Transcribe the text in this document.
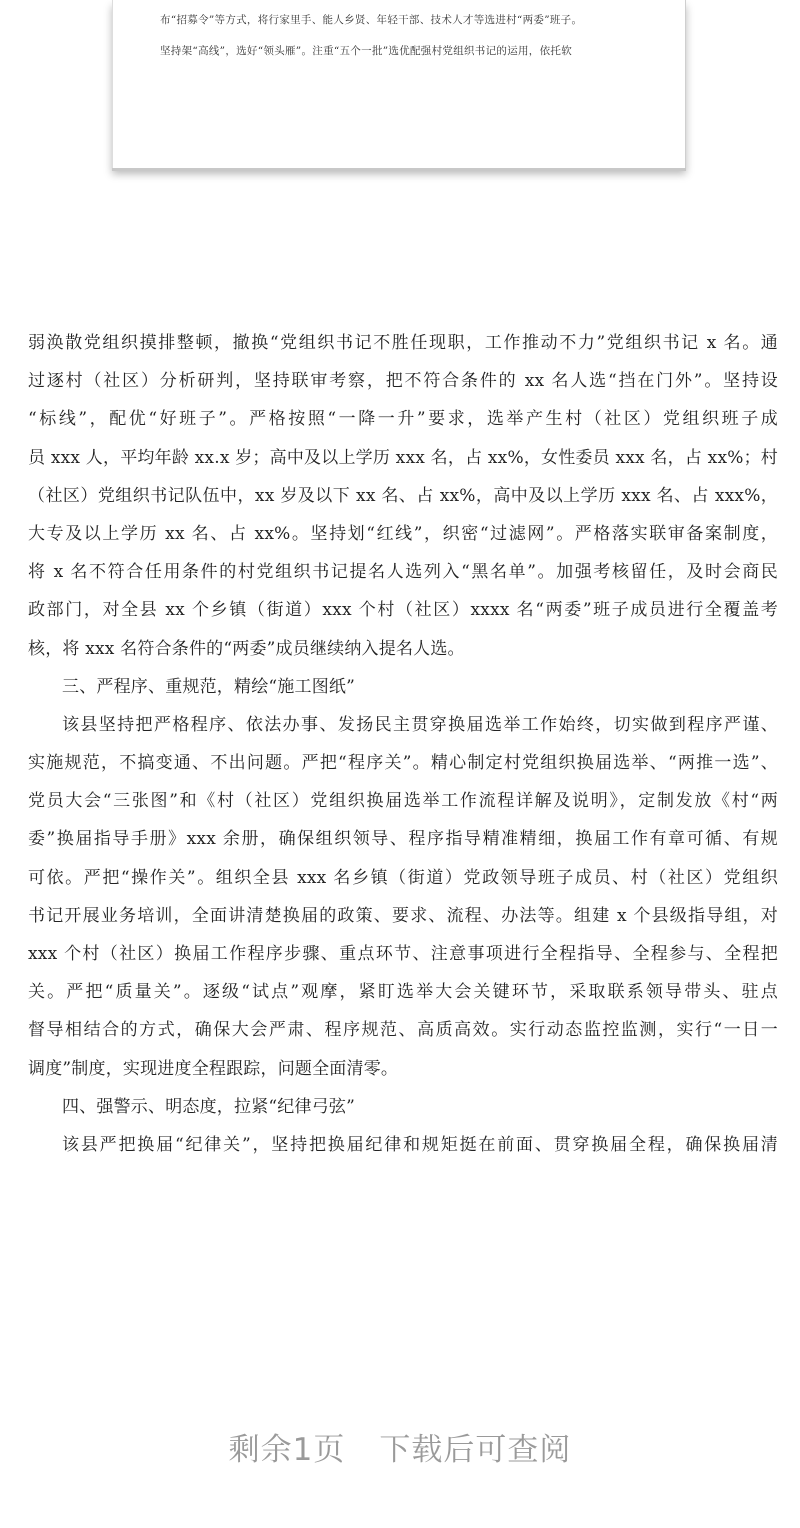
布“招募令”等方式，将行家里手、能人乡贤、年轻干部、技术人才等选进村“两委”班子。
坚持架“高线”，选好“领头雁”。注重“五个一批”选优配强村党组织书记的运用，依托软
弱涣散党组织摸排整顿，撤换“党组织书记不胜任现职，工作推动不力”党组织书记 x 名。通
过逐村（社区）分析研判，坚持联审考察，把不符合条件的 xx 名人选“挡在门外”。坚持设
“标线”，配优“好班子”。严格按照“一降一升”要求，选举产生村（社区）党组织班子成
员 xxx 人，平均年龄 xx.x 岁；高中及以上学历 xxx 名，占 xx%，女性委员 xxx 名，占 xx%；村
（社区）党组织书记队伍中，xx 岁及以下 xx 名、占 xx%，高中及以上学历 xxx 名、占 xxx%，
大专及以上学历 xx 名、占 xx%。坚持划“红线”，织密“过滤网”。严格落实联审备案制度，
将 x 名不符合任用条件的村党组织书记提名人选列入“黑名单”。加强考核留任，及时会商民
政部门，对全县 xx 个乡镇（街道）xxx 个村（社区）xxxx 名“两委”班子成员进行全覆盖考
核，将 xxx 名符合条件的“两委”成员继续纳入提名人选。
三、严程序、重规范，精绘“施工图纸”
该县坚持把严格程序、依法办事、发扬民主贯穿换届选举工作始终，切实做到程序严谨、
实施规范，不搞变通、不出问题。严把“程序关”。精心制定村党组织换届选举、“两推一选”、
党员大会“三张图”和《村（社区）党组织换届选举工作流程详解及说明》，定制发放《村“两
委”换届指导手册》xxx 余册，确保组织领导、程序指导精准精细，换届工作有章可循、有规
可依。严把“操作关”。组织全县 xxx 名乡镇（街道）党政领导班子成员、村（社区）党组织
书记开展业务培训，全面讲清楚换届的政策、要求、流程、办法等。组建 x 个县级指导组，对
xxx 个村（社区）换届工作程序步骤、重点环节、注意事项进行全程指导、全程参与、全程把
关。严把“质量关”。逐级“试点”观摩，紧盯选举大会关键环节，采取联系领导带头、驻点
督导相结合的方式，确保大会严肃、程序规范、高质高效。实行动态监控监测，实行“一日一
调度”制度，实现进度全程跟踪，问题全面清零。
四、强警示、明态度，拉紧“纪律弓弦”
该县严把换届“纪律关”，坚持把换届纪律和规矩挺在前面、贯穿换届全程，确保换届清
剩余1页 下载后可查阅
